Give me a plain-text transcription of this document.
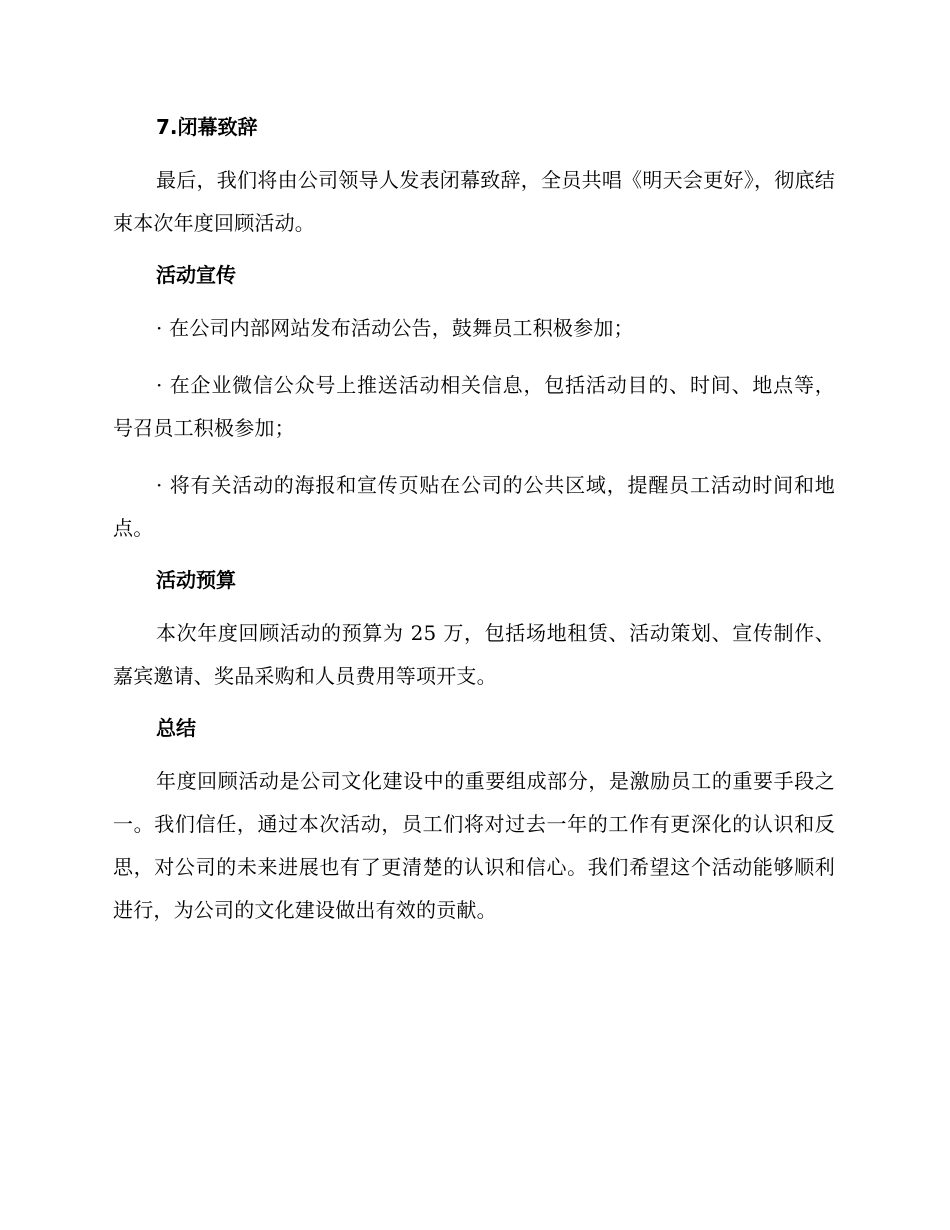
7.闭幕致辞
最后，我们将由公司领导人发表闭幕致辞，全员共唱《明天会更好》，彻底结束本次年度回顾活动。
活动宣传
· 在公司内部网站发布活动公告，鼓舞员工积极参加；
· 在企业微信公众号上推送活动相关信息，包括活动目的、时间、地点等，号召员工积极参加；
· 将有关活动的海报和宣传页贴在公司的公共区域，提醒员工活动时间和地点。
活动预算
本次年度回顾活动的预算为 25 万，包括场地租赁、活动策划、宣传制作、嘉宾邀请、奖品采购和人员费用等项开支。
总结
年度回顾活动是公司文化建设中的重要组成部分，是激励员工的重要手段之一。我们信任，通过本次活动，员工们将对过去一年的工作有更深化的认识和反思，对公司的未来进展也有了更清楚的认识和信心。我们希望这个活动能够顺利进行，为公司的文化建设做出有效的贡献。
